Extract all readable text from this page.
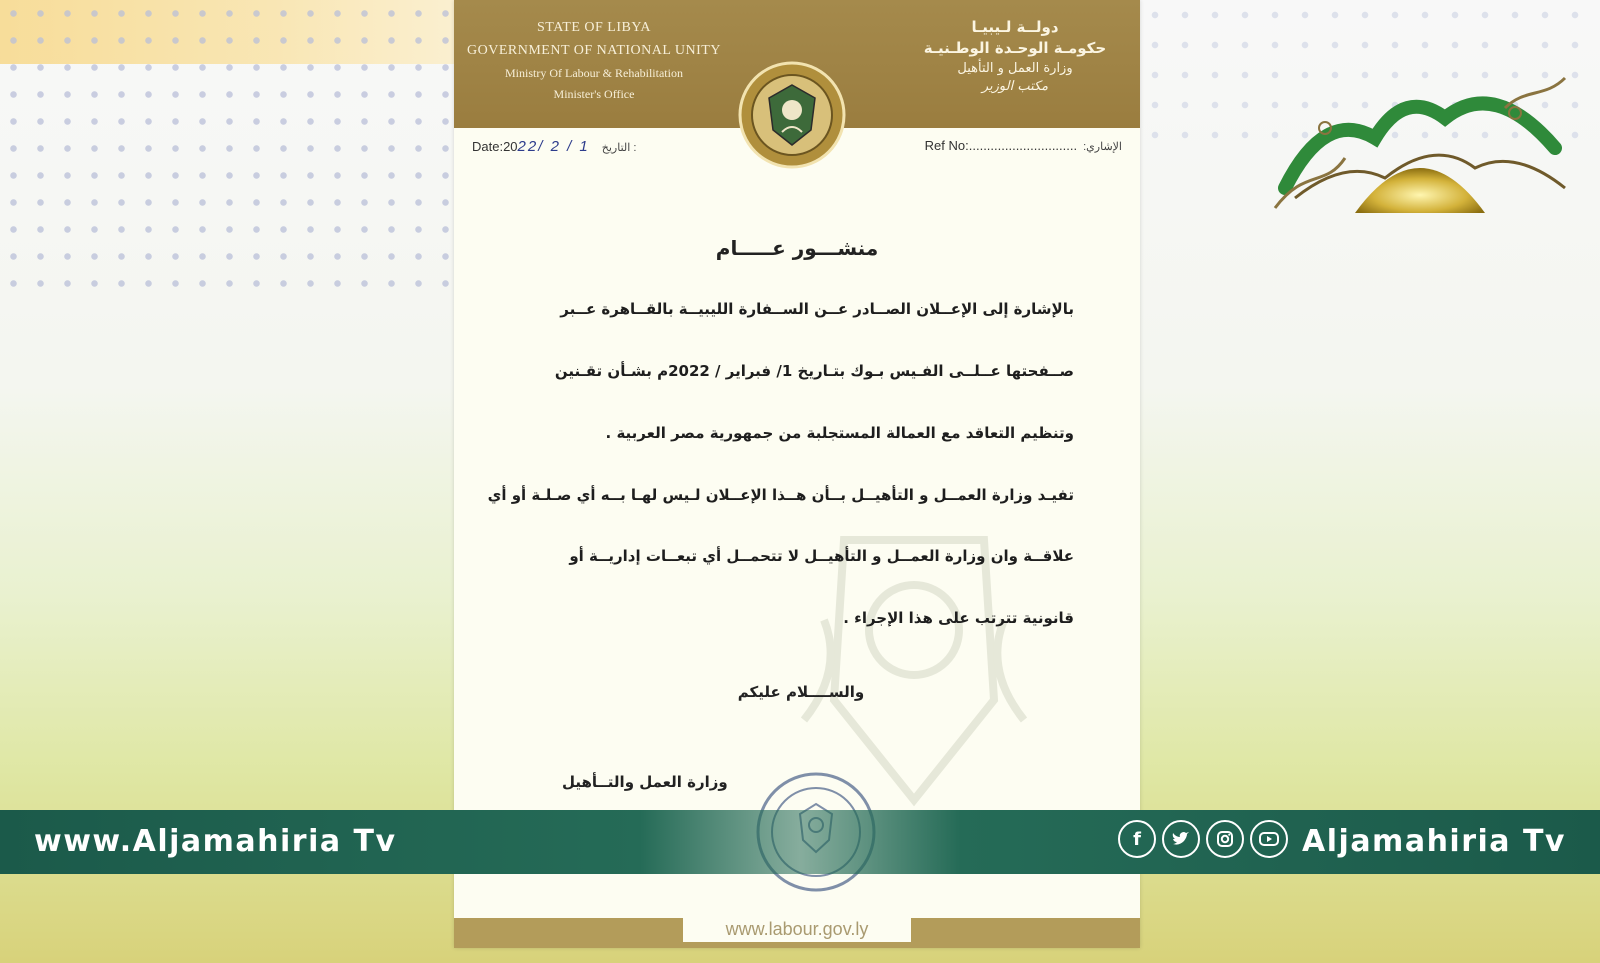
STATE OF LIBYA
GOVERNMENT OF NATIONAL UNITY
Ministry Of Labour & Rehabilitation
Minister's Office
دولــة لـيبيـا
حكومـة الوحـدة الوطـنيـة
وزارة العمل و التأهيل
مكتب الوزير
Date:2022/ 2 / 1 التاريخ :	Ref No:.............................. :الإشاري
منشـــور عـــــام
بالإشارة إلى الإعــلان الصــادر عــن الســفارة الليبيــة بالقــاهرة عــبر
صــفحتها عــلــى الفـيس بـوك بتـاريخ 1/ فبراير / 2022م بشـأن تقـنين
وتنظيم التعاقد مع العمالة المستجلبة من جمهورية مصر العربية .
تفيـد وزارة العمــل و التأهيــل بــأن هــذا الإعــلان لـيس لهـا بــه أي صـلـة أو أي
علاقــة وان وزارة العمــل و التأهيــل لا تتحمــل أي تبعــات إداريــة أو
قانونية تترتب على هذا الإجراء .
والســــلام عليكم
وزارة العمل والتــأهيل
www.labour.gov.ly
www.Aljamahiria Tv	f	Aljamahiria Tv
